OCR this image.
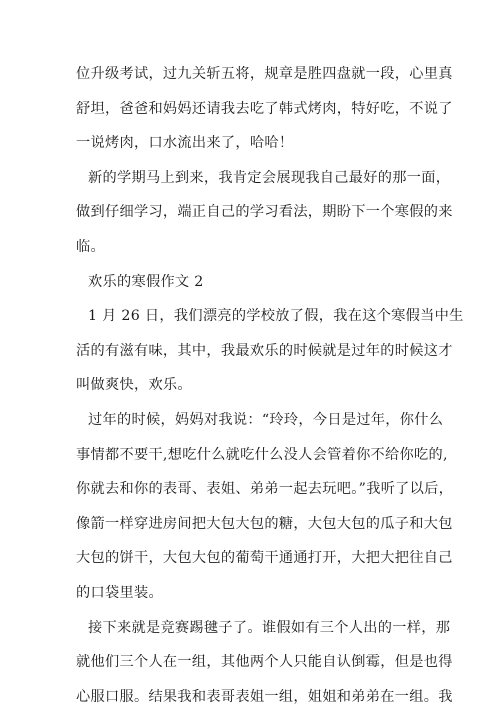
位升级考试，过九关斩五将，规章是胜四盘就一段，心里真
舒坦，爸爸和妈妈还请我去吃了韩式烤肉，特好吃，不说了
一说烤肉，口水流出来了，哈哈！
新的学期马上到来，我肯定会展现我自己最好的那一面，
做到仔细学习，端正自己的学习看法，期盼下一个寒假的来
临。
欢乐的寒假作文 2
1 月 26 日，我们漂亮的学校放了假，我在这个寒假当中生
活的有滋有味，其中，我最欢乐的时候就是过年的时候这才
叫做爽快，欢乐。
过年的时候，妈妈对我说：“玲玲，今日是过年，你什么
事情都不要干,想吃什么就吃什么没人会管着你不给你吃的,
你就去和你的表哥、表姐、弟弟一起去玩吧。”我听了以后，
像箭一样穿进房间把大包大包的糖，大包大包的瓜子和大包
大包的饼干，大包大包的葡萄干通通打开，大把大把往自己
的口袋里装。
接下来就是竞赛踢毽子了。谁假如有三个人出的一样，那
就他们三个人在一组，其他两个人只能自认倒霉，但是也得
心服口服。结果我和表哥表姐一组，姐姐和弟弟在一组。我
